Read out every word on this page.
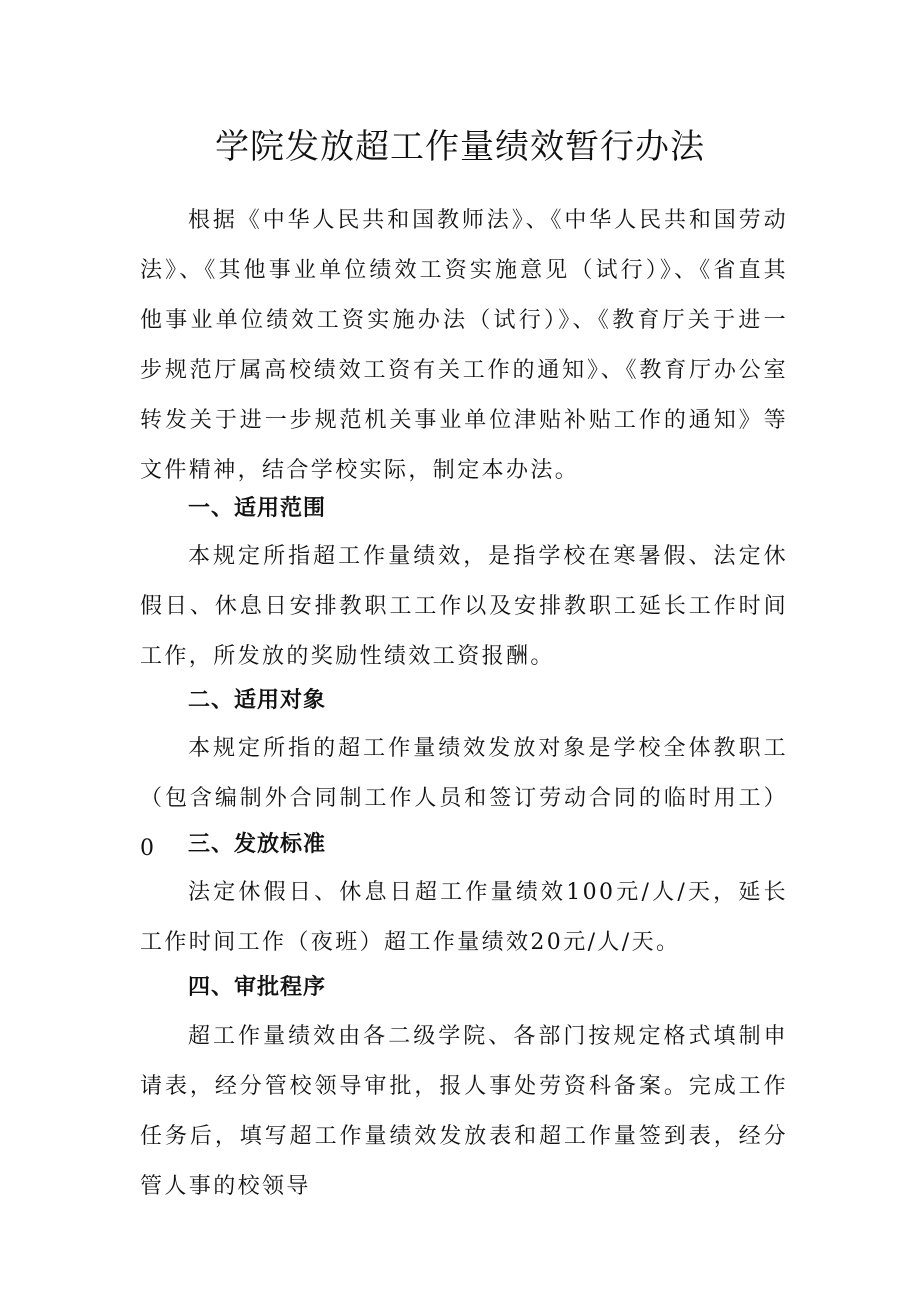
学院发放超工作量绩效暂行办法

根据《中华人民共和国教师法》、《中华人民共和国劳动法》、《其他事业单位绩效工资实施意见（试行）》、《省直其他事业单位绩效工资实施办法（试行）》、《教育厅关于进一步规范厅属高校绩效工资有关工作的通知》、《教育厅办公室转发关于进一步规范机关事业单位津贴补贴工作的通知》等文件精神，结合学校实际，制定本办法。

一、适用范围

本规定所指超工作量绩效，是指学校在寒暑假、法定休假日、休息日安排教职工工作以及安排教职工延长工作时间工作，所发放的奖励性绩效工资报酬。

二、适用对象

本规定所指的超工作量绩效发放对象是学校全体教职工（包含编制外合同制工作人员和签订劳动合同的临时用工）0	三、发放标准

法定休假日、休息日超工作量绩效100元/人/天，延长工作时间工作（夜班）超工作量绩效20元/人/天。

四、审批程序

超工作量绩效由各二级学院、各部门按规定格式填制申请表，经分管校领导审批，报人事处劳资科备案。完成工作任务后，填写超工作量绩效发放表和超工作量签到表，经分管人事的校领导
